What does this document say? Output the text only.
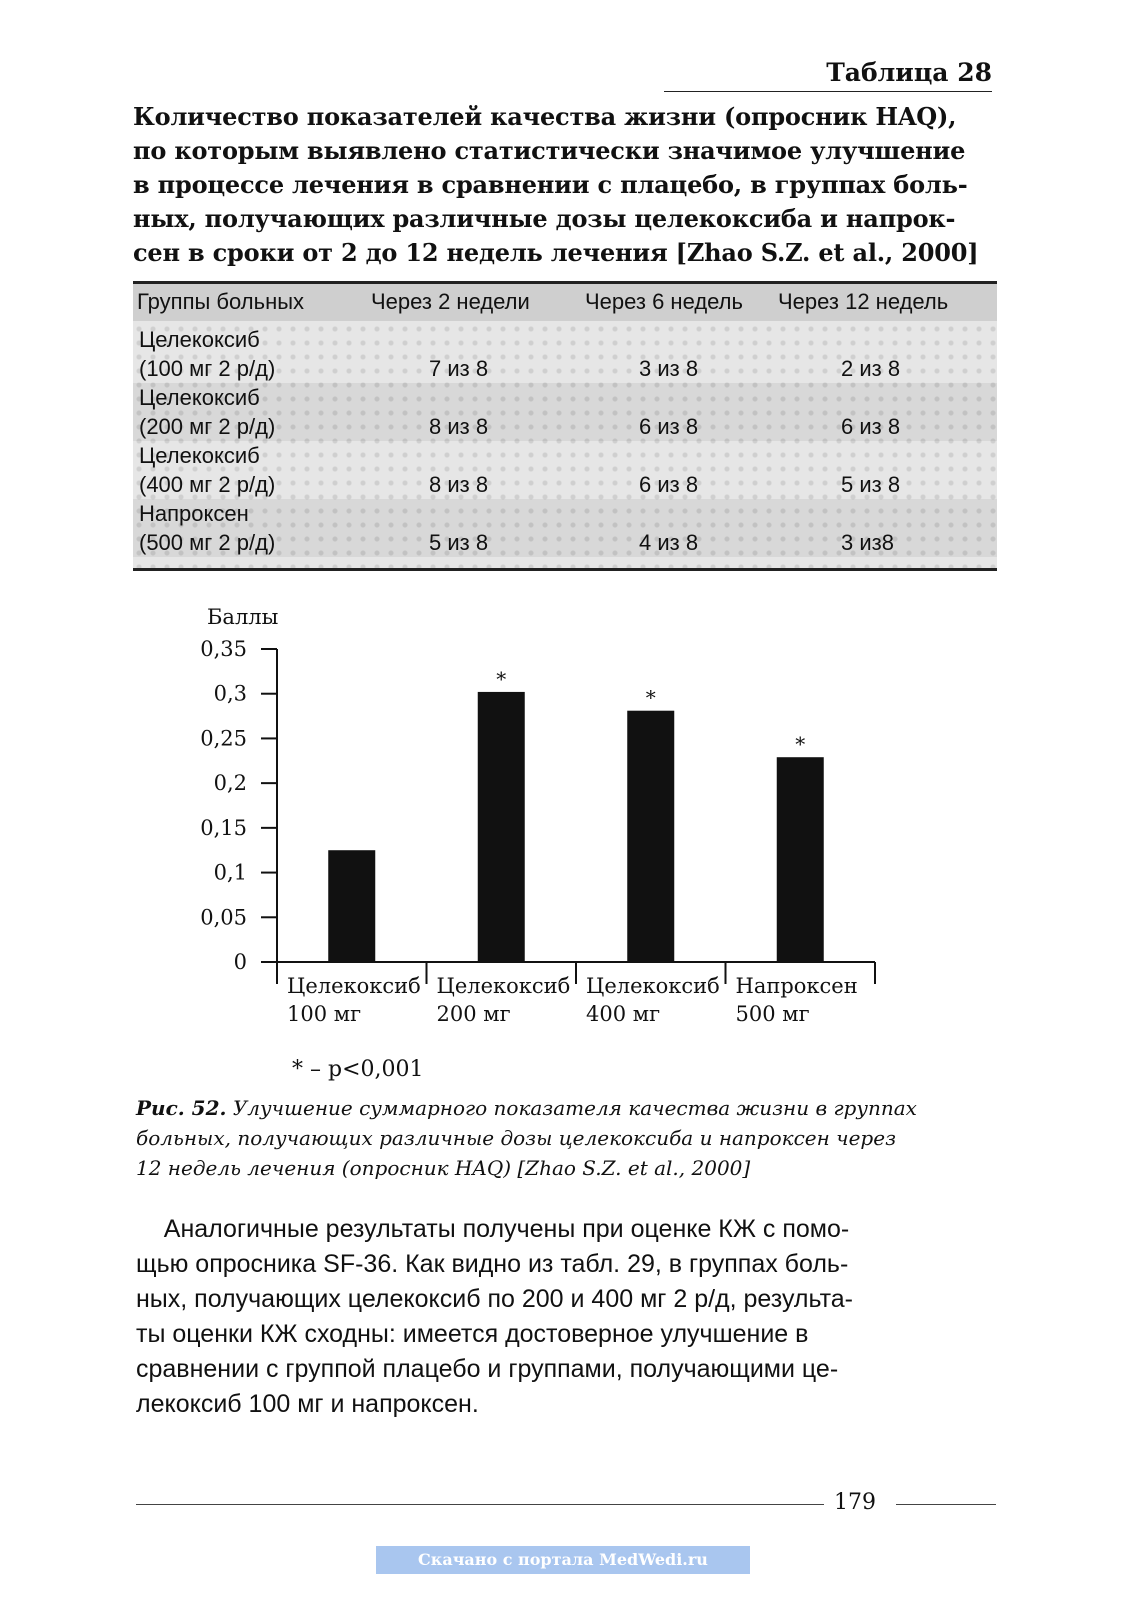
Таблица 28
Количество показателей качества жизни (опросник HAQ),
по которым выявлено статистически значимое улучшение
в процессе лечения в сравнении с плацебо, в группах боль-
ных, получающих различные дозы целекоксиба и напрок-
сен в сроки от 2 до 12 недель лечения [Zhao S.Z. et al., 2000]
Группы больных	Через 2 недели	Через 6 недель Через 12 недель
Целекоксиб
(100 мг 2 р/д)	7 из 8	3 из 8	2 из 8
Целекоксиб
(200 мг 2 р/д)	8 из 8	6 из 8	6 из 8
Целекоксиб
(400 мг 2 р/д)	8 из 8	6 из 8	5 из 8
Напроксен
(500 мг 2 р/д)	5 из 8	4 из 8	3 из8
Баллы
0
0,05
0,1
0,15
0,2
0,25
0,3
0,35
Целекоксиб
100 мг
Целекоксиб
200 мг
Целекоксиб
400 мг
Напроксен
500 мг
*
*
*
* – p<0,001
Рис. 52. Улучшение суммарного показателя качества жизни в группах
больных, получающих различные дозы целекоксиба и напроксен через
12 недель лечения (опросник HAQ) [Zhao S.Z. et al., 2000]
Аналогичные результаты получены при оценке КЖ с помо-
щью опросника SF-36. Как видно из табл. 29, в группах боль-
ных, получающих целекоксиб по 200 и 400 мг 2 р/д, результа-
ты оценки КЖ сходны: имеется достоверное улучшение в
сравнении с группой плацебо и группами, получающими це-
лекоксиб 100 мг и напроксен.
179
Скачано с портала MedWedi.ru
